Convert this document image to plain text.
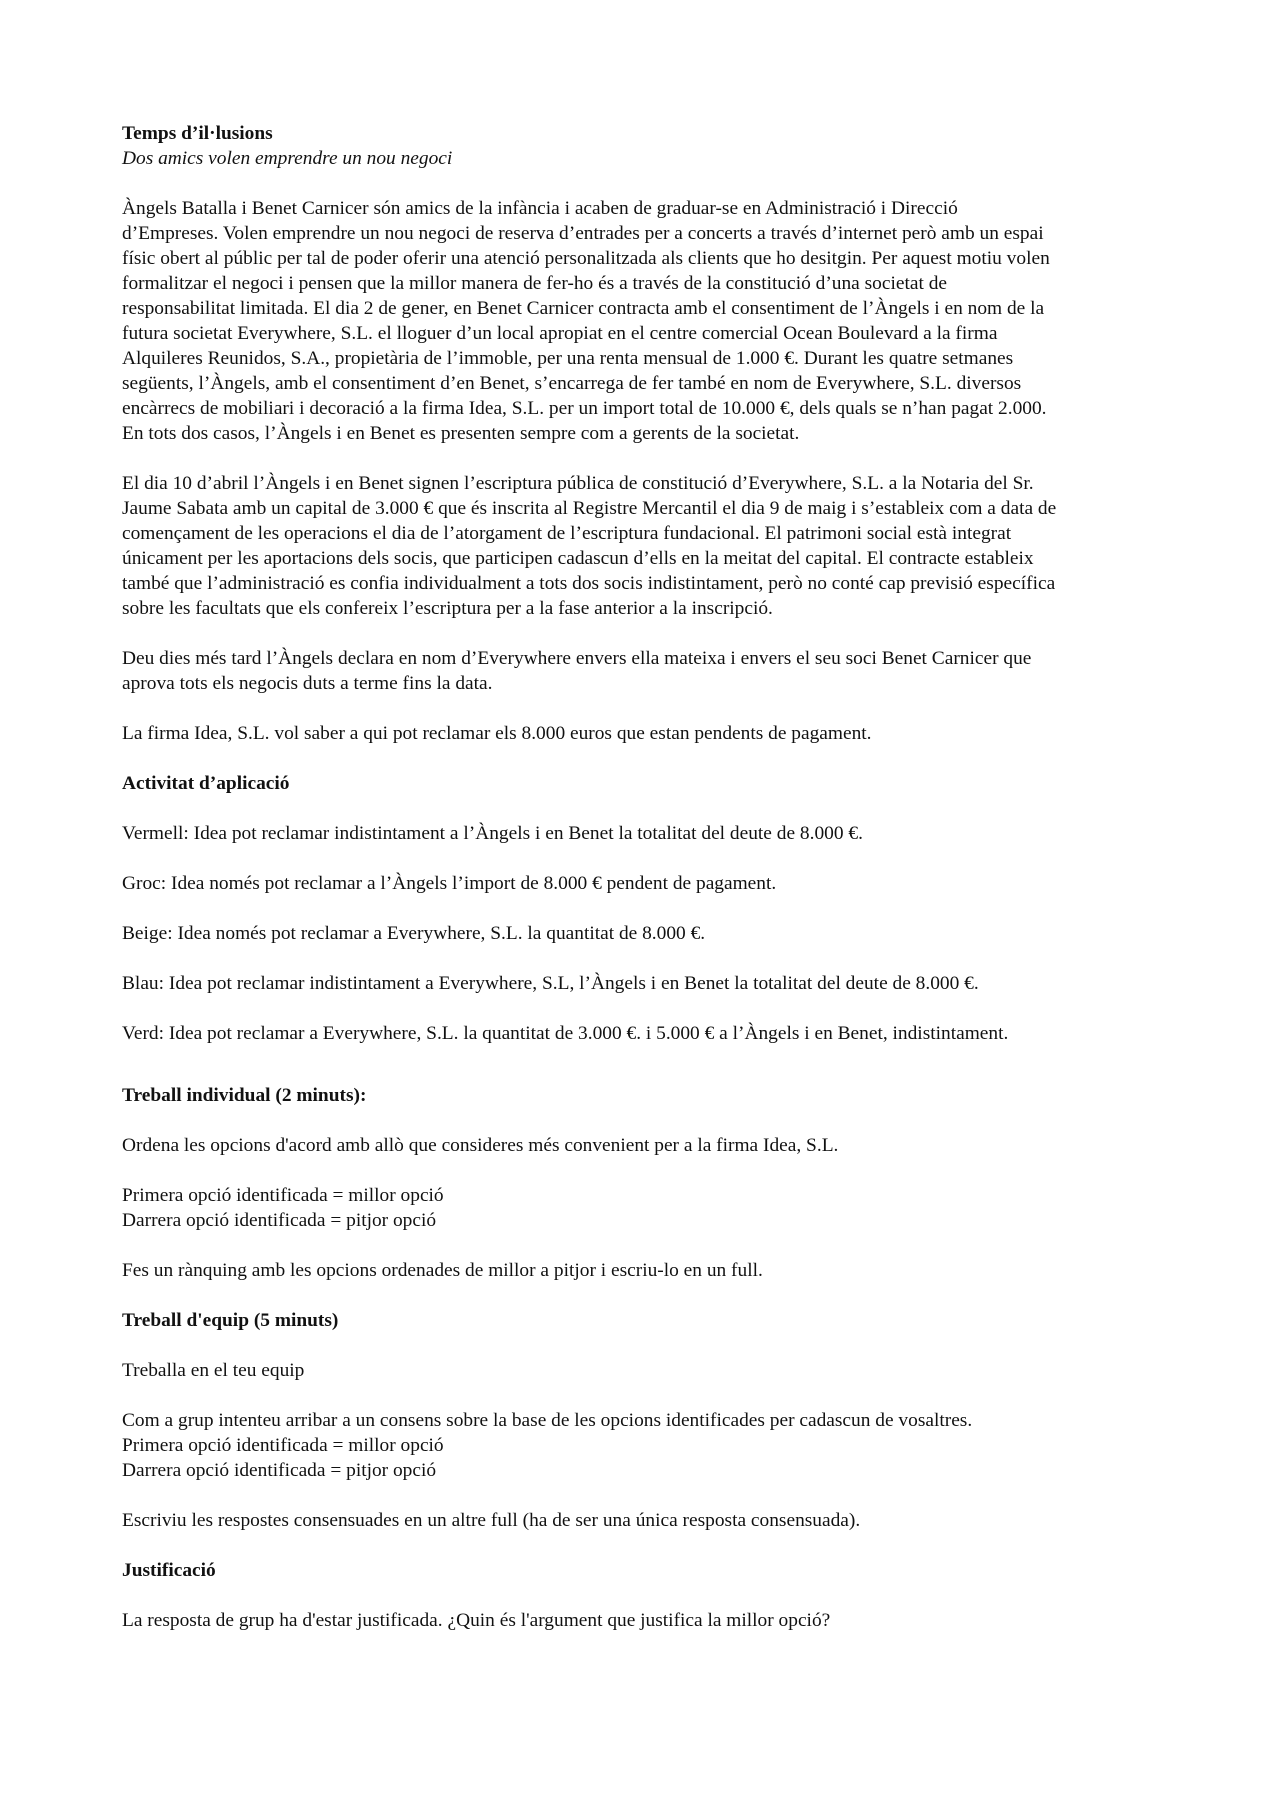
Temps d’il·lusions
Dos amics volen emprendre un nou negoci
Àngels Batalla i Benet Carnicer són amics de la infància i acaben de graduar-se en Administració i Direcció
d’Empreses. Volen emprendre un nou negoci de reserva d’entrades per a concerts a través d’internet però amb un espai
físic obert al públic per tal de poder oferir una atenció personalitzada als clients que ho desitgin. Per aquest motiu volen
formalitzar el negoci i pensen que la millor manera de fer-ho és a través de la constitució d’una societat de
responsabilitat limitada. El dia 2 de gener, en Benet Carnicer contracta amb el consentiment de l’Àngels i en nom de la
futura societat Everywhere, S.L. el lloguer d’un local apropiat en el centre comercial Ocean Boulevard a la firma
Alquileres Reunidos, S.A., propietària de l’immoble, per una renta mensual de 1.000 €. Durant les quatre setmanes
següents, l’Àngels, amb el consentiment d’en Benet, s’encarrega de fer també en nom de Everywhere, S.L. diversos
encàrrecs de mobiliari i decoració a la firma Idea, S.L. per un import total de 10.000 €, dels quals se n’han pagat 2.000.
En tots dos casos, l’Àngels i en Benet es presenten sempre com a gerents de la societat.
El dia 10 d’abril l’Àngels i en Benet signen l’escriptura pública de constitució d’Everywhere, S.L. a la Notaria del Sr.
Jaume Sabata amb un capital de 3.000 € que és inscrita al Registre Mercantil el dia 9 de maig i s’estableix com a data de
començament de les operacions el dia de l’atorgament de l’escriptura fundacional. El patrimoni social està integrat
únicament per les aportacions dels socis, que participen cadascun d’ells en la meitat del capital. El contracte estableix
també que l’administració es confia individualment a tots dos socis indistintament, però no conté cap previsió específica
sobre les facultats que els confereix l’escriptura per a la fase anterior a la inscripció.
Deu dies més tard l’Àngels declara en nom d’Everywhere envers ella mateixa i envers el seu soci Benet Carnicer que
aprova tots els negocis duts a terme fins la data.
La firma Idea, S.L. vol saber a qui pot reclamar els 8.000 euros que estan pendents de pagament.
Activitat d’aplicació

Vermell: Idea pot reclamar indistintament a l’Àngels i en Benet la totalitat del deute de 8.000 €.

Groc: Idea només pot reclamar a l’Àngels l’import de 8.000 € pendent de pagament.

Beige: Idea només pot reclamar a Everywhere, S.L. la quantitat de 8.000 €.

Blau: Idea pot reclamar indistintament a Everywhere, S.L, l’Àngels i en Benet la totalitat del deute de 8.000 €.

Verd: Idea pot reclamar a Everywhere, S.L. la quantitat de 3.000 €. i 5.000 € a l’Àngels i en Benet, indistintament.

Treball individual (2 minuts):
Ordena les opcions d'acord amb allò que consideres més convenient per a la firma Idea, S.L.
Primera opció identificada = millor opció
Darrera opció identificada = pitjor opció
Fes un rànquing amb les opcions ordenades de millor a pitjor i escriu-lo en un full.
Treball d'equip (5 minuts)
Treballa en el teu equip
Com a grup intenteu arribar a un consens sobre la base de les opcions identificades per cadascun de vosaltres.
Primera opció identificada = millor opció
Darrera opció identificada = pitjor opció
Escriviu les respostes consensuades en un altre full (ha de ser una única resposta consensuada).
Justificació
La resposta de grup ha d'estar justificada. ¿Quin és l'argument que justifica la millor opció?
